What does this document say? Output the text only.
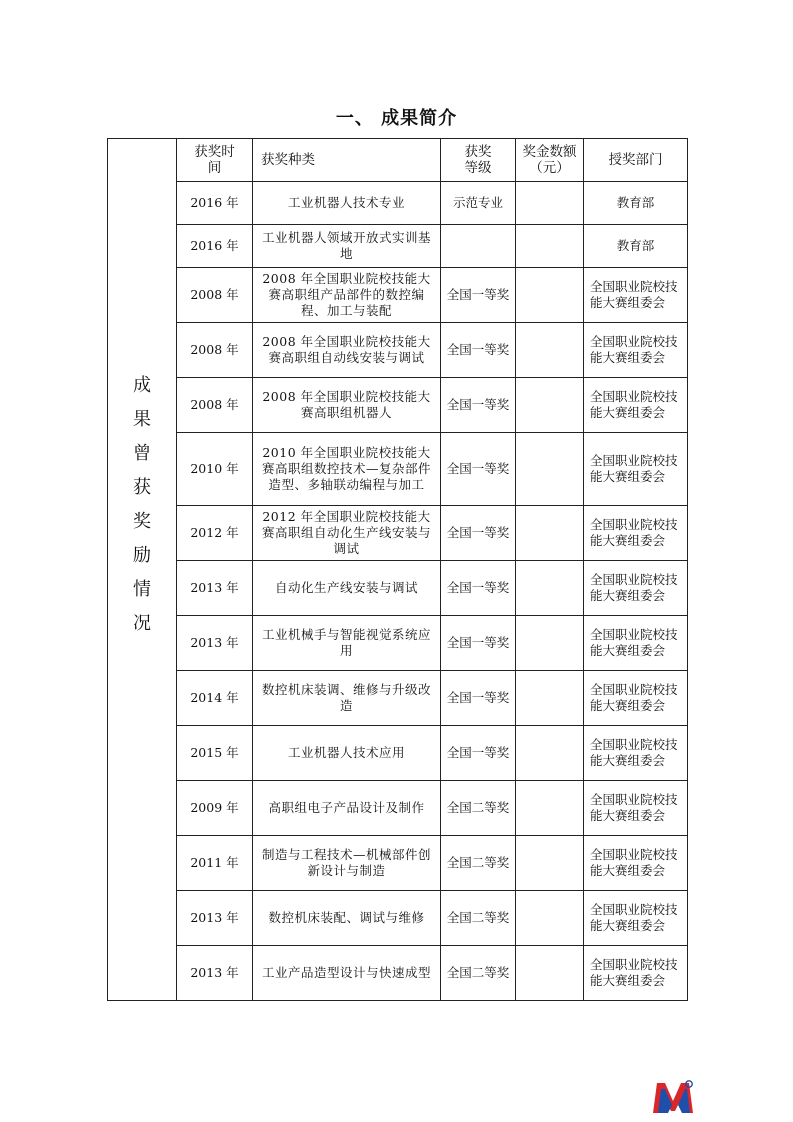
一、 成果简介
成果曾获奖励情况	获奖时间	获奖种类	获奖等级	奖金数额（元）	授奖部门
	2016 年	工业机器人技术专业	示范专业		教育部
	2016 年	工业机器人领域开放式实训基地			教育部
	2008 年	2008 年全国职业院校技能大赛高职组产品部件的数控编程、加工与装配	全国一等奖		全国职业院校技能大赛组委会
	2008 年	2008 年全国职业院校技能大赛高职组自动线安装与调试	全国一等奖		全国职业院校技能大赛组委会
	2008 年	2008 年全国职业院校技能大赛高职组机器人	全国一等奖		全国职业院校技能大赛组委会
	2010 年	2010 年全国职业院校技能大赛高职组数控技术—复杂部件造型、多轴联动编程与加工	全国一等奖		全国职业院校技能大赛组委会
	2012 年	2012 年全国职业院校技能大赛高职组自动化生产线安装与调试	全国一等奖		全国职业院校技能大赛组委会
	2013 年	自动化生产线安装与调试	全国一等奖		全国职业院校技能大赛组委会
	2013 年	工业机械手与智能视觉系统应用	全国一等奖		全国职业院校技能大赛组委会
	2014 年	数控机床装调、维修与升级改造	全国一等奖		全国职业院校技能大赛组委会
	2015 年	工业机器人技术应用	全国一等奖		全国职业院校技能大赛组委会
	2009 年	高职组电子产品设计及制作	全国二等奖		全国职业院校技能大赛组委会
	2011 年	制造与工程技术—机械部件创新设计与制造	全国二等奖		全国职业院校技能大赛组委会
	2013 年	数控机床装配、调试与维修	全国二等奖		全国职业院校技能大赛组委会
	2013 年	工业产品造型设计与快速成型	全国二等奖		全国职业院校技能大赛组委会
